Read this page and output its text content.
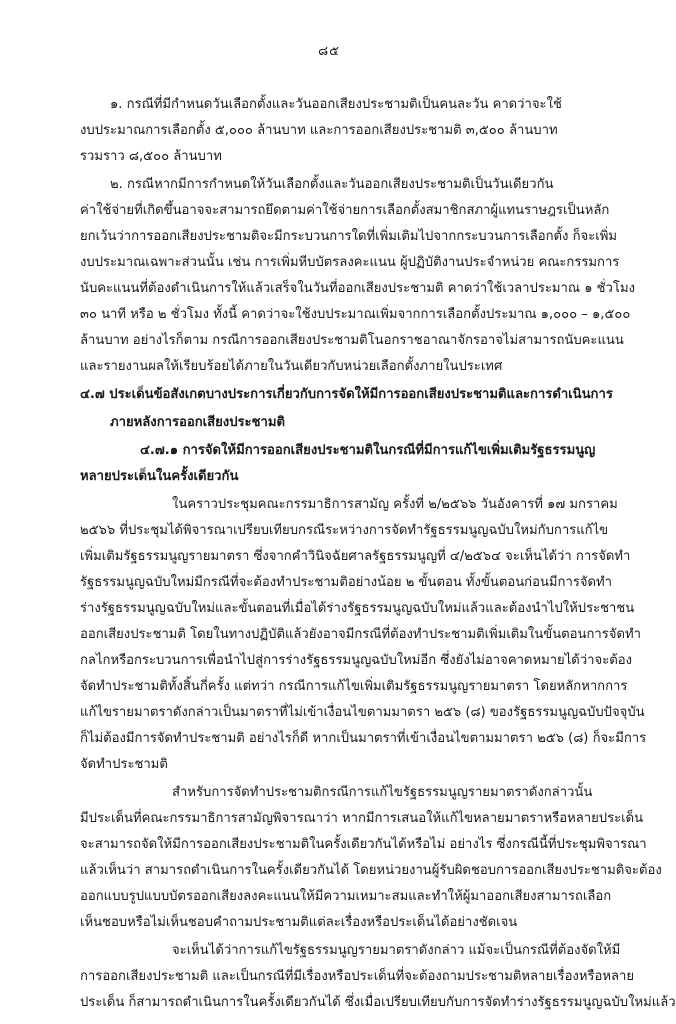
๘๕
๑. กรณีที่มีกำหนดวันเลือกตั้งและวันออกเสียงประชามติเป็นคนละวัน คาดว่าจะใช้
งบประมาณการเลือกตั้ง ๕,๐๐๐ ล้านบาท และการออกเสียงประชามติ ๓,๕๐๐ ล้านบาท
รวมราว ๘,๕๐๐ ล้านบาท
๒. กรณีหากมีการกำหนดให้วันเลือกตั้งและวันออกเสียงประชามติเป็นวันเดียวกัน
ค่าใช้จ่ายที่เกิดขึ้นอาจจะสามารถยึดตามค่าใช้จ่ายการเลือกตั้งสมาชิกสภาผู้แทนราษฎรเป็นหลัก
ยกเว้นว่าการออกเสียงประชามติจะมีกระบวนการใดที่เพิ่มเติมไปจากกระบวนการเลือกตั้ง ก็จะเพิ่ม
งบประมาณเฉพาะส่วนนั้น เช่น การเพิ่มหีบบัตรลงคะแนน ผู้ปฏิบัติงานประจำหน่วย คณะกรรมการ
นับคะแนนที่ต้องดำเนินการให้แล้วเสร็จในวันที่ออกเสียงประชามติ คาดว่าใช้เวลาประมาณ ๑ ชั่วโมง
๓๐ นาที หรือ ๒ ชั่วโมง ทั้งนี้ คาดว่าจะใช้งบประมาณเพิ่มจากการเลือกตั้งประมาณ ๑,๐๐๐ – ๑,๕๐๐
ล้านบาท อย่างไรก็ตาม กรณีการออกเสียงประชามติโนอกราชอาณาจักรอาจไม่สามารถนับคะแนน
และรายงานผลให้เรียบร้อยได้ภายในวันเดียวกับหน่วยเลือกตั้งภายในประเทศ
๔.๗ ประเด็นข้อสังเกตบางประการเกี่ยวกับการจัดให้มีการออกเสียงประชามติและการดำเนินการ
ภายหลังการออกเสียงประชามติ
๔.๗.๑ การจัดให้มีการออกเสียงประชามติในกรณีที่มีการแก้ไขเพิ่มเติมรัฐธรรมนูญ
หลายประเด็นในครั้งเดียวกัน
ในคราวประชุมคณะกรรมาธิการสามัญ ครั้งที่ ๒/๒๕๖๖ วันอังคารที่ ๑๗ มกราคม
๒๕๖๖ ที่ประชุมได้พิจารณาเปรียบเทียบกรณีระหว่างการจัดทำรัฐธรรมนูญฉบับใหม่กับการแก้ไข
เพิ่มเติมรัฐธรรมนูญรายมาตรา ซึ่งจากคำวินิจฉัยศาลรัฐธรรมนูญที่ ๔/๒๕๖๔ จะเห็นได้ว่า การจัดทำ
รัฐธรรมนูญฉบับใหม่มีกรณีที่จะต้องทำประชามติอย่างน้อย ๒ ขั้นตอน ทั้งขั้นตอนก่อนมีการจัดทำ
ร่างรัฐธรรมนูญฉบับใหม่และขั้นตอนที่เมื่อได้ร่างรัฐธรรมนูญฉบับใหม่แล้วและต้องนำไปให้ประชาชน
ออกเสียงประชามติ โดยในทางปฏิบัติแล้วยังอาจมีกรณีที่ต้องทำประชามติเพิ่มเติมในขั้นตอนการจัดทำ
กลไกหรือกระบวนการเพื่อนำไปสู่การร่างรัฐธรรมนูญฉบับใหม่อีก ซึ่งยังไม่อาจคาดหมายได้ว่าจะต้อง
จัดทำประชามติทั้งสิ้นกี่ครั้ง แต่ทว่า กรณีการแก้ไขเพิ่มเติมรัฐธรรมนูญรายมาตรา โดยหลักหากการ
แก้ไขรายมาตราดังกล่าวเป็นมาตราที่ไม่เข้าเงื่อนไขตามมาตรา ๒๕๖ (๘) ของรัฐธรรมนูญฉบับปัจจุบัน
ก็ไม่ต้องมีการจัดทำประชามติ อย่างไรก็ดี หากเป็นมาตราที่เข้าเงื่อนไขตามมาตรา ๒๕๖ (๘) ก็จะมีการ
จัดทำประชามติ
สำหรับการจัดทำประชามติกรณีการแก้ไขรัฐธรรมนูญรายมาตราดังกล่าวนั้น
มีประเด็นที่คณะกรรมาธิการสามัญพิจารณาว่า หากมีการเสนอให้แก้ไขหลายมาตราหรือหลายประเด็น
จะสามารถจัดให้มีการออกเสียงประชามติในครั้งเดียวกันได้หรือไม่ อย่างไร ซึ่งกรณีนี้ที่ประชุมพิจารณา
แล้วเห็นว่า สามารถดำเนินการในครั้งเดียวกันได้ โดยหน่วยงานผู้รับผิดชอบการออกเสียงประชามติจะต้อง
ออกแบบรูปแบบบัตรออกเสียงลงคะแนนให้มีความเหมาะสมและทำให้ผู้มาออกเสียงสามารถเลือก
เห็นชอบหรือไม่เห็นชอบคำถามประชามติแต่ละเรื่องหรือประเด็นได้อย่างชัดเจน
จะเห็นได้ว่าการแก้ไขรัฐธรรมนูญรายมาตราดังกล่าว แม้จะเป็นกรณีที่ต้องจัดให้มี
การออกเสียงประชามติ และเป็นกรณีที่มีเรื่องหรือประเด็นที่จะต้องถามประชามติหลายเรื่องหรือหลาย
ประเด็น ก็สามารถดำเนินการในครั้งเดียวกันได้ ซึ่งเมื่อเปรียบเทียบกับการจัดทำร่างรัฐธรรมนูญฉบับใหม่แล้ว
